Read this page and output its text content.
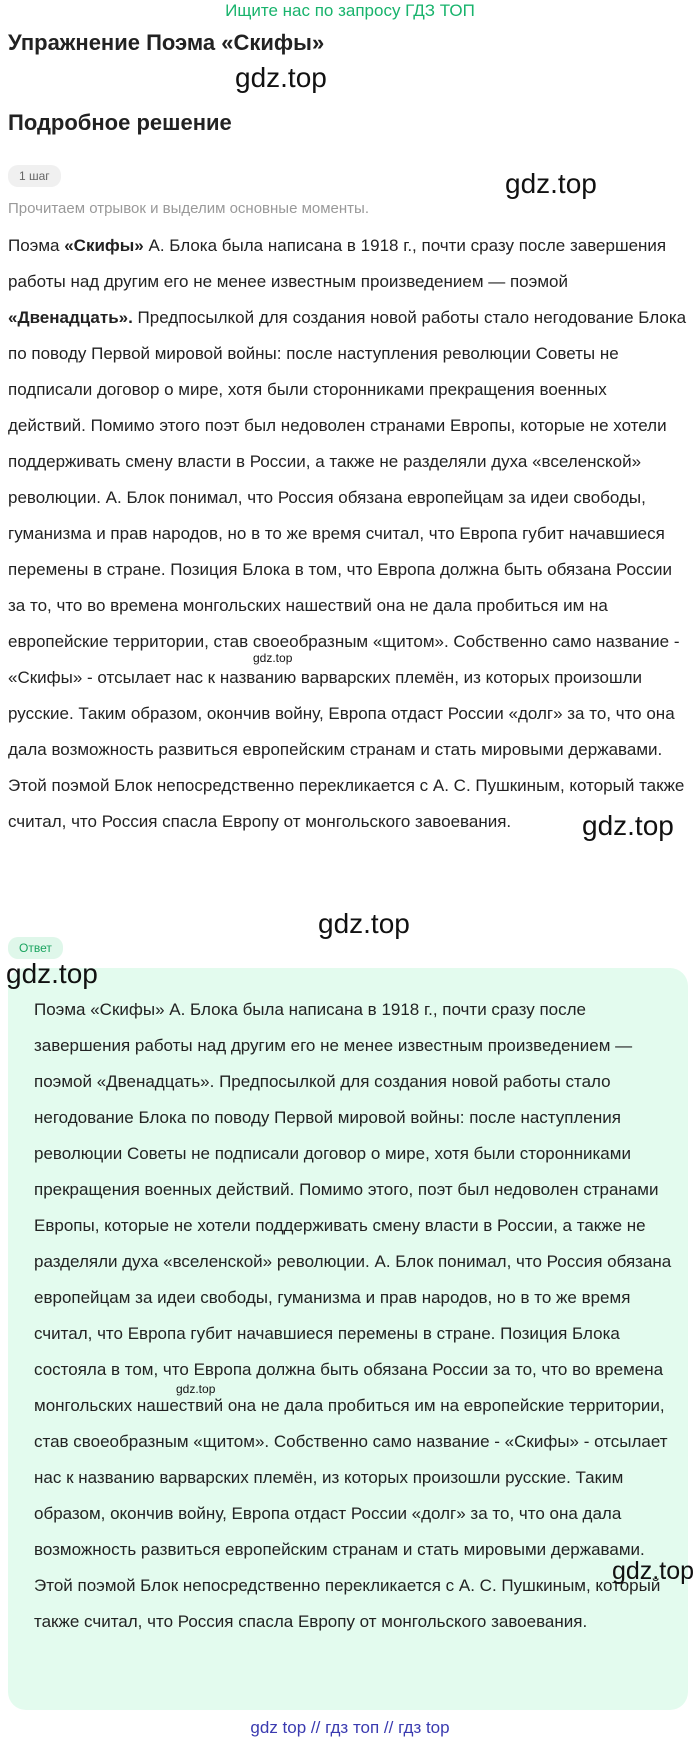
Ищите нас по запросу ГДЗ ТОП
Упражнение Поэма «Скифы»
gdz.top
Подробное решение
1 шаг	gdz.top
Прочитаем отрывок и выделим основные моменты.
Поэма «Скифы» А. Блока была написана в 1918 г., почти сразу после завершения работы над другим его не менее известным произведением — поэмой «Двенадцать». Предпосылкой для создания новой работы стало негодование Блока по поводу Первой мировой войны: после наступления революции Советы не подписали договор о мире, хотя были сторонниками прекращения военных действий. Помимо этого поэт был недоволен странами Европы, которые не хотели поддерживать смену власти в России, а также не разделяли духа «вселенской» революции. А. Блок понимал, что Россия обязана европейцам за идеи свободы, гуманизма и прав народов, но в то же время считал, что Европа губит начавшиеся перемены в стране. Позиция Блока в том, что Европа должна быть обязана России за то, что во времена монгольских нашествий она не дала пробиться им на европейские территории, став своеобразным «щитом». Собственно само название - «Скифы» - отсылает нас к названию варварских племён, из которых произошли русские. Таким образом, окончив войну, Европа отдаст России «долг» за то, что она дала возможность развиться европейским странам и стать мировыми державами. Этой поэмой Блок непосредственно перекликается с А. С. Пушкиным, который также считал, что Россия спасла Европу от монгольского завоевания.
gdz.top
gdz.top
gdz.top
Ответ
Поэма «Скифы» А. Блока была написана в 1918 г., почти сразу после завершения работы над другим его не менее известным произведением — поэмой «Двенадцать». Предпосылкой для создания новой работы стало негодование Блока по поводу Первой мировой войны: после наступления революции Советы не подписали договор о мире, хотя были сторонниками прекращения военных действий. Помимо этого, поэт был недоволен странами Европы, которые не хотели поддерживать смену власти в России, а также не разделяли духа «вселенской» революции. А. Блок понимал, что Россия обязана европейцам за идеи свободы, гуманизма и прав народов, но в то же время считал, что Европа губит начавшиеся перемены в стране. Позиция Блока состояла в том, что Европа должна быть обязана России за то, что во времена монгольских нашествий она не дала пробиться им на европейские территории, став своеобразным «щитом». Собственно само название - «Скифы» - отсылает нас к названию варварских племён, из которых произошли русские. Таким образом, окончив войну, Европа отдаст России «долг» за то, что она дала возможность развиться европейским странам и стать мировыми державами. Этой поэмой Блок непосредственно перекликается с А. С. Пушкиным, который также считал, что Россия спасла Европу от монгольского завоевания.
gdz.top
gdz.top
gdz.top
gdz top // гдз топ // гдз top
